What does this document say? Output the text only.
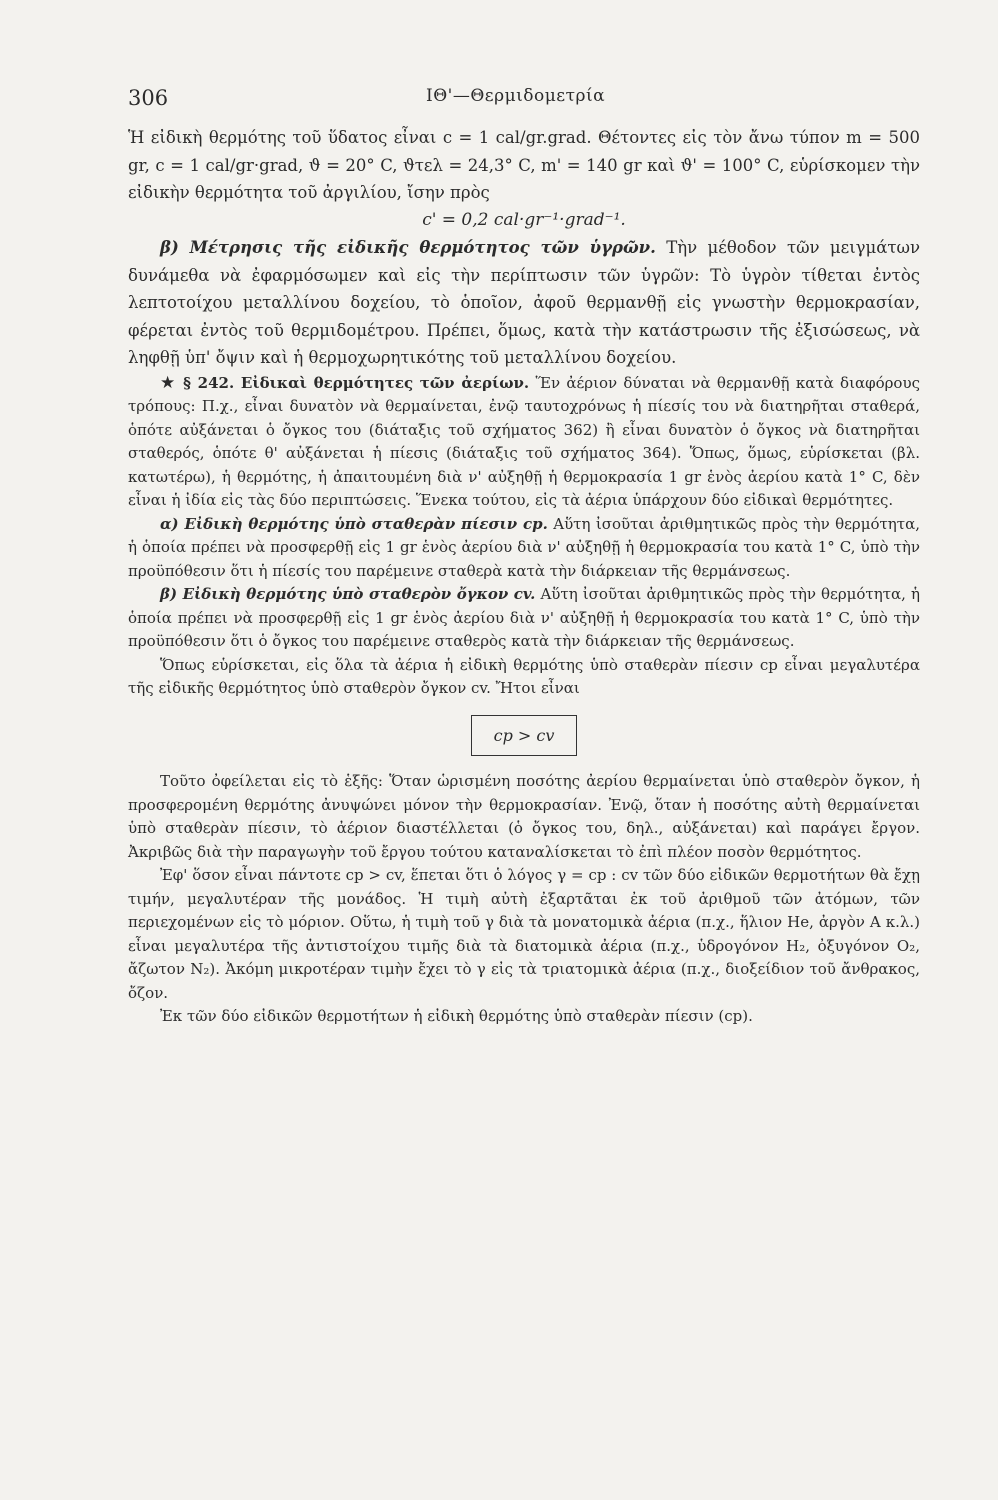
306	ΙΘ'—Θερμιδομετρία

Ἡ εἰδικὴ θερμότης τοῦ ὕδατος εἶναι c = 1 cal/gr.grad. Θέτοντες εἰς τὸν ἄνω τύπον m = 500 gr, c = 1 cal/gr·grad, ϑ = 20° C, ϑτελ = 24,3° C, m' = 140 gr καὶ ϑ' = 100° C, εὑρίσκομεν τὴν εἰδικὴν θερμότητα τοῦ ἀργιλίου, ἴσην πρὸς

c' = 0,2 cal·gr⁻¹·grad⁻¹.

β) Μέτρησις τῆς εἰδικῆς θερμότητος τῶν ὑγρῶν. Τὴν μέθοδον τῶν μειγμάτων δυνάμεθα νὰ ἐφαρμόσωμεν καὶ εἰς τὴν περίπτωσιν τῶν ὑγρῶν: Τὸ ὑγρὸν τίθεται ἐντὸς λεπτοτοίχου μεταλλίνου δοχείου, τὸ ὁποῖον, ἀφοῦ θερμανθῇ εἰς γνωστὴν θερμοκρασίαν, φέρεται ἐντὸς τοῦ θερμιδομέτρου. Πρέπει, ὅμως, κατὰ τὴν κατάστρωσιν τῆς ἐξισώσεως, νὰ ληφθῇ ὑπ' ὄψιν καὶ ἡ θερμοχωρητικότης τοῦ μεταλλίνου δοχείου.

★ § 242. Εἰδικαὶ θερμότητες τῶν ἀερίων. Ἕν ἀέριον δύναται νὰ θερμανθῇ κατὰ διαφόρους τρόπους: Π.χ., εἶναι δυνατὸν νὰ θερμαίνεται, ἐνῷ ταυτοχρόνως ἡ πίεσίς του νὰ διατηρῆται σταθερά, ὁπότε αὐξάνεται ὁ ὄγκος του (διάταξις τοῦ σχήματος 362) ἢ εἶναι δυνατὸν ὁ ὄγκος νὰ διατηρῆται σταθερός, ὁπότε θ' αὐξάνεται ἡ πίεσις (διάταξις τοῦ σχήματος 364). Ὅπως, ὅμως, εὑρίσκεται (βλ. κατωτέρω), ἡ θερμότης, ἡ ἀπαιτουμένη διὰ ν' αὐξηθῇ ἡ θερμοκρασία 1 gr ἑνὸς ἀερίου κατὰ 1° C, δὲν εἶναι ἡ ἰδία εἰς τὰς δύο περιπτώσεις. Ἕνεκα τούτου, εἰς τὰ ἀέρια ὑπάρχουν δύο εἰδικαὶ θερμότητες.

α) Εἰδικὴ θερμότης ὑπὸ σταθερὰν πίεσιν cp. Αὕτη ἰσοῦται ἀριθμητικῶς πρὸς τὴν θερμότητα, ἡ ὁποία πρέπει νὰ προσφερθῇ εἰς 1 gr ἑνὸς ἀερίου διὰ ν' αὐξηθῇ ἡ θερμοκρασία του κατὰ 1° C, ὑπὸ τὴν προϋπόθεσιν ὅτι ἡ πίεσίς του παρέμεινε σταθερὰ κατὰ τὴν διάρκειαν τῆς θερμάνσεως.

β) Εἰδικὴ θερμότης ὑπὸ σταθερὸν ὄγκον cv. Αὕτη ἰσοῦται ἀριθμητικῶς πρὸς τὴν θερμότητα, ἡ ὁποία πρέπει νὰ προσφερθῇ εἰς 1 gr ἑνὸς ἀερίου διὰ ν' αὐξηθῇ ἡ θερμοκρασία του κατὰ 1° C, ὑπὸ τὴν προϋπόθεσιν ὅτι ὁ ὄγκος του παρέμεινε σταθερὸς κατὰ τὴν διάρκειαν τῆς θερμάνσεως.

Ὅπως εὑρίσκεται, εἰς ὅλα τὰ ἀέρια ἡ εἰδικὴ θερμότης ὑπὸ σταθερὰν πίεσιν cp εἶναι μεγαλυτέρα τῆς εἰδικῆς θερμότητος ὑπὸ σταθερὸν ὄγκον cv. Ἤτοι εἶναι

cp > cv

Τοῦτο ὀφείλεται εἰς τὸ ἑξῆς: Ὅταν ὡρισμένη ποσότης ἀερίου θερμαίνεται ὑπὸ σταθερὸν ὄγκον, ἡ προσφερομένη θερμότης ἀνυψώνει μόνον τὴν θερμοκρασίαν. Ἐνῷ, ὅταν ἡ ποσότης αὐτὴ θερμαίνεται ὑπὸ σταθερὰν πίεσιν, τὸ ἀέριον διαστέλλεται (ὁ ὄγκος του, δηλ., αὐξάνεται) καὶ παράγει ἔργον. Ἀκριβῶς διὰ τὴν παραγωγὴν τοῦ ἔργου τούτου καταναλίσκεται τὸ ἐπὶ πλέον ποσὸν θερμότητος.

Ἐφ' ὅσον εἶναι πάντοτε cp > cv, ἕπεται ὅτι ὁ λόγος γ = cp : cv τῶν δύο εἰδικῶν θερμοτήτων θὰ ἔχῃ τιμήν, μεγαλυτέραν τῆς μονάδος. Ἡ τιμὴ αὐτὴ ἐξαρτᾶται ἐκ τοῦ ἀριθμοῦ τῶν ἀτόμων, τῶν περιεχομένων εἰς τὸ μόριον. Οὕτω, ἡ τιμὴ τοῦ γ διὰ τὰ μονατομικὰ ἀέρια (π.χ., ἥλιον He, ἀργὸν A κ.λ.) εἶναι μεγαλυτέρα τῆς ἀντιστοίχου τιμῆς διὰ τὰ διατομικὰ ἀέρια (π.χ., ὑδρογόνον H₂, ὀξυγόνον O₂, ἄζωτον N₂). Ἀκόμη μικροτέραν τιμὴν ἔχει τὸ γ εἰς τὰ τριατομικὰ ἀέρια (π.χ., διοξείδιον τοῦ ἄνθρακος, ὄζον.

Ἐκ τῶν δύο εἰδικῶν θερμοτήτων ἡ εἰδικὴ θερμότης ὑπὸ σταθερὰν πίεσιν (cp).
